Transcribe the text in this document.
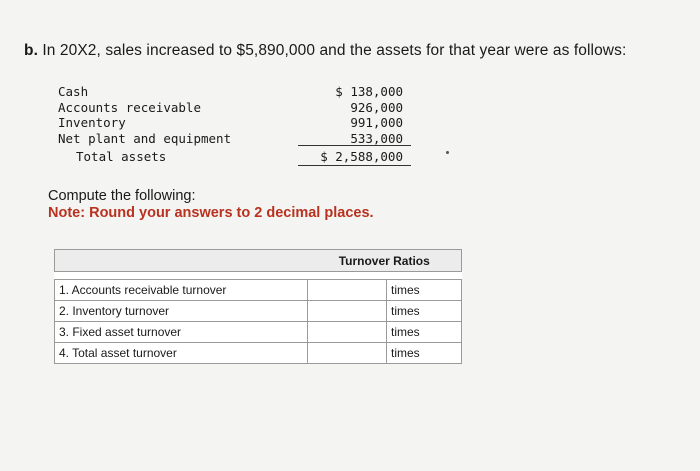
b. In 20X2, sales increased to $5,890,000 and the assets for that year were as follows:
Cash	$ 138,000
Accounts receivable	926,000
Inventory	991,000
Net plant and equipment	533,000
Total assets	$ 2,588,000
Compute the following:
Note: Round your answers to 2 decimal places.
	Turnover Ratios	

1. Accounts receivable turnover		times
2. Inventory turnover		times
3. Fixed asset turnover		times
4. Total asset turnover		times
